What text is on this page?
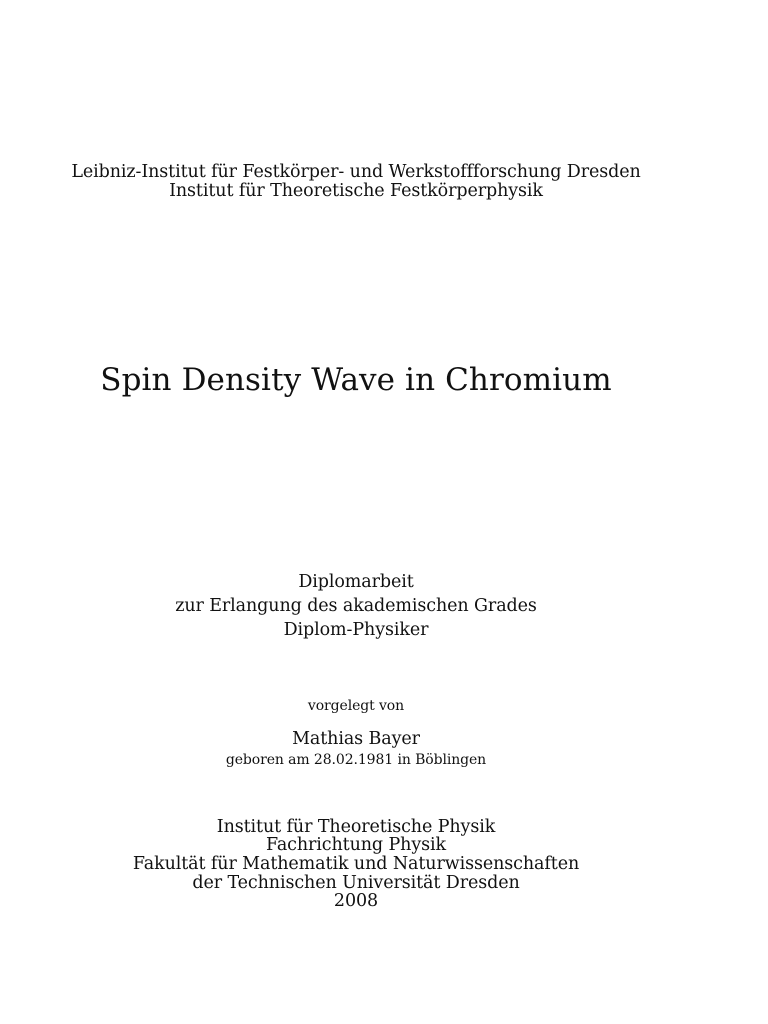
Leibniz-Institut für Festkörper- und Werkstoffforschung Dresden
Institut für Theoretische Festkörperphysik
Spin Density Wave in Chromium
Diplomarbeit
zur Erlangung des akademischen Grades
Diplom-Physiker
vorgelegt von
Mathias Bayer
geboren am 28.02.1981 in Böblingen
Institut für Theoretische Physik
Fachrichtung Physik
Fakultät für Mathematik und Naturwissenschaften
der Technischen Universität Dresden
2008
